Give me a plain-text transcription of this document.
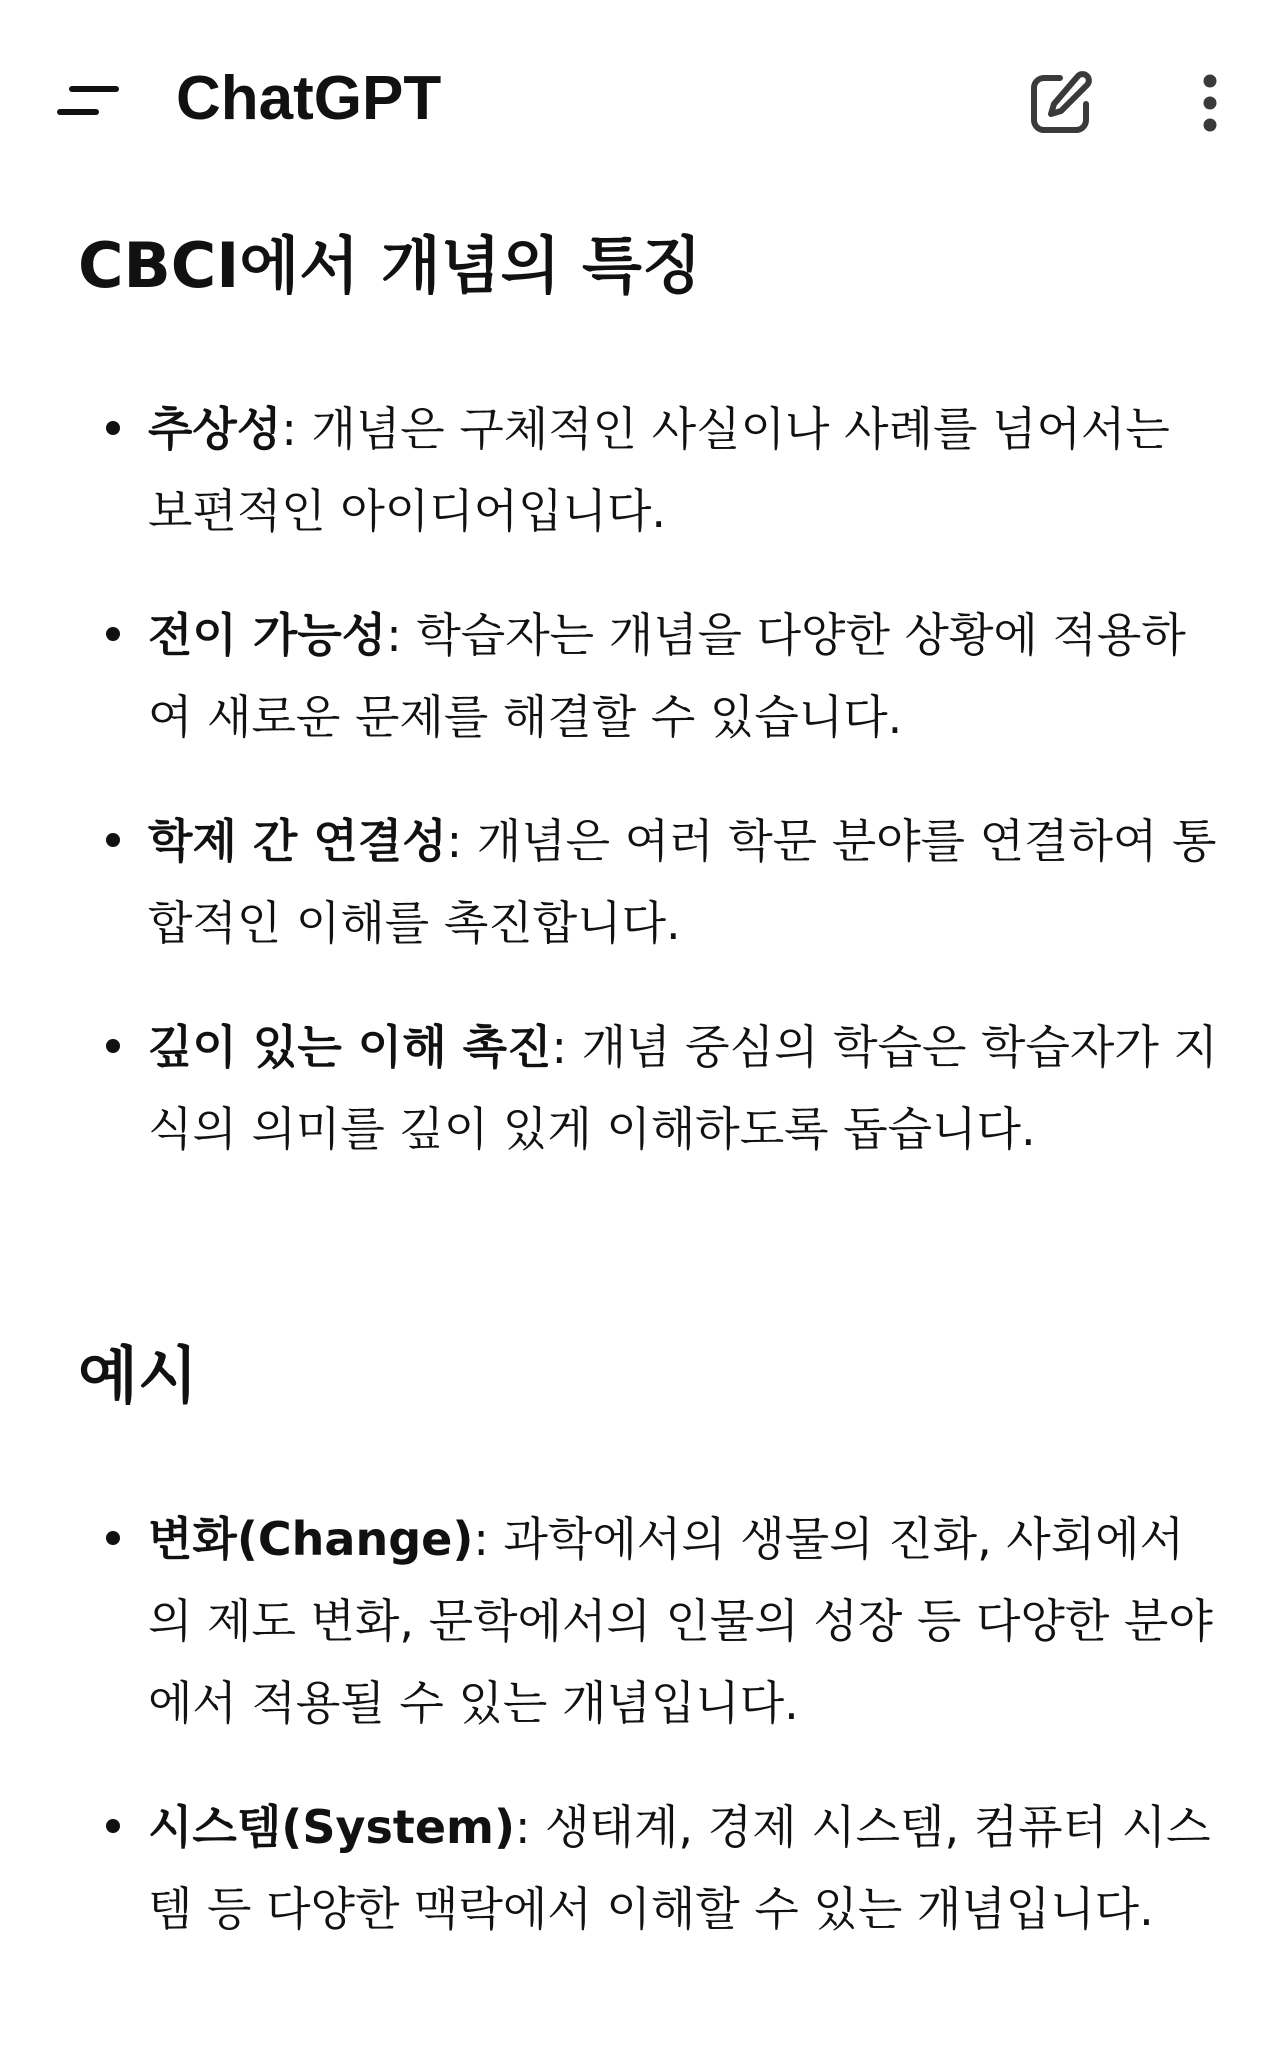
ChatGPT
CBCI에서 개념의 특징
추상성: 개념은 구체적인 사실이나 사례를 넘어서는 보편적인 아이디어입니다.
전이 가능성: 학습자는 개념을 다양한 상황에 적용하여 새로운 문제를 해결할 수 있습니다.
학제 간 연결성: 개념은 여러 학문 분야를 연결하여 통합적인 이해를 촉진합니다.
깊이 있는 이해 촉진: 개념 중심의 학습은 학습자가 지식의 의미를 깊이 있게 이해하도록 돕습니다.
예시
변화(Change): 과학에서의 생물의 진화, 사회에서의 제도 변화, 문학에서의 인물의 성장 등 다양한 분야에서 적용될 수 있는 개념입니다.
시스템(System): 생태계, 경제 시스템, 컴퓨터 시스템 등 다양한 맥락에서 이해할 수 있는 개념입니다.
